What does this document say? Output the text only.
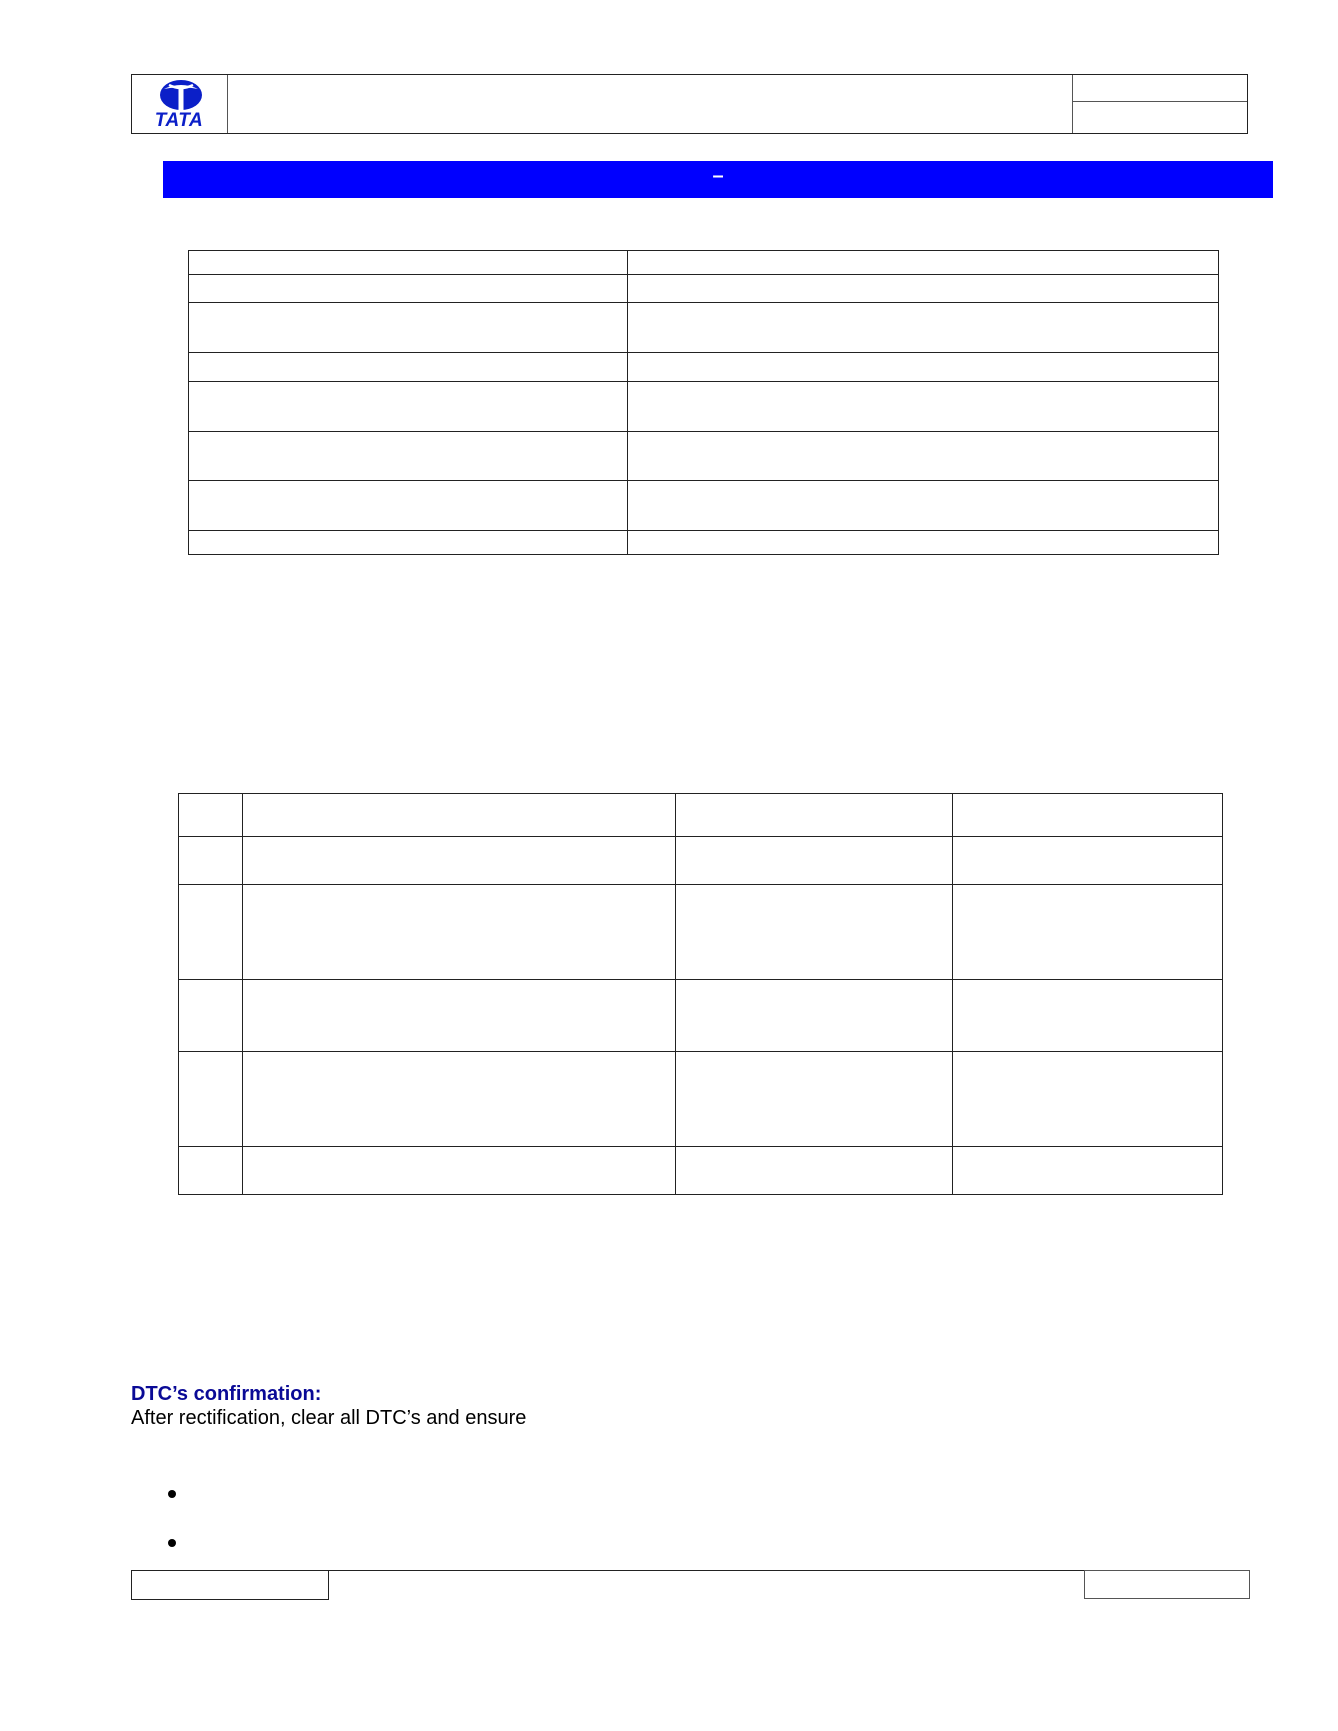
TATA
–

DTC’s confirmation:
After rectification, clear all DTC’s and ensure
